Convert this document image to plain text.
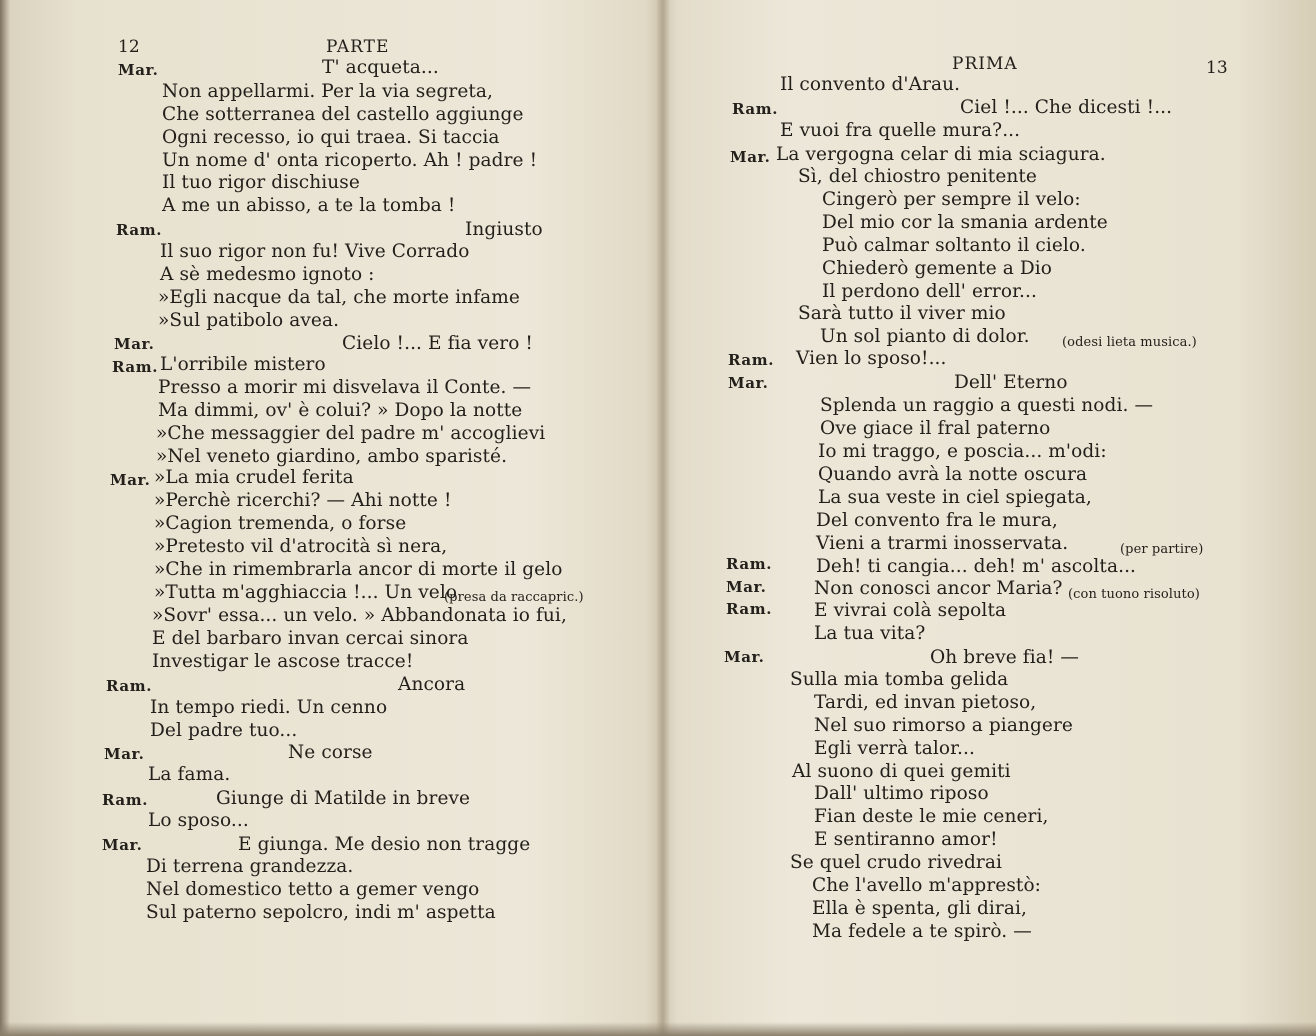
12	PARTE
Mar.	T' acqueta...
Non appellarmi. Per la via segreta,
Che sotterranea del castello aggiunge
Ogni recesso, io qui traea. Si taccia
Un nome d' onta ricoperto. Ah ! padre !
Il tuo rigor dischiuse
A me un abisso, a te la tomba !
Ram.	Ingiusto
Il suo rigor non fu! Vive Corrado
A sè medesmo ignoto :
»Egli nacque da tal, che morte infame
»Sul patibolo avea.
Mar.	Cielo !... E fia vero !
Ram. L'orribile mistero
Presso a morir mi disvelava il Conte. —
Ma dimmi, ov' è colui? » Dopo la notte
»Che messaggier del padre m' accoglievi
»Nel veneto giardino, ambo sparisté.
Mar. »La mia crudel ferita
»Perchè ricerchi? — Ahi notte !
»Cagion tremenda, o forse
»Pretesto vil d'atrocità sì nera,
»Che in rimembrarla ancor di morte il gelo
»Tutta m'agghiaccia !... Un velo
(presa da raccapric.)
»Sovr' essa... un velo. » Abbandonata io fui,
E del barbaro invan cercai sinora
Investigar le ascose tracce!
Ram.	Ancora
In tempo riedi. Un cenno
Del padre tuo...
Mar.	Ne corse
La fama.
Ram.	Giunge di Matilde in breve
Lo sposo...
Mar.	E giunga. Me desio non tragge
Di terrena grandezza.
Nel domestico tetto a gemer vengo
Sul paterno sepolcro, indi m' aspetta
PRIMA	13
Il convento d'Arau.
Ram.	Ciel !... Che dicesti !...
E vuoi fra quelle mura?...
Mar. La vergogna celar di mia sciagura.
Sì, del chiostro penitente
Cingerò per sempre il velo:
Del mio cor la smania ardente
Può calmar soltanto il cielo.
Chiederò gemente a Dio
Il perdono dell' error...
Sarà tutto il viver mio
Un sol pianto di dolor. (odesi lieta musica.)
Ram. Vien lo sposo!...
Mar.	Dell' Eterno
Splenda un raggio a questi nodi. —
Ove giace il fral paterno
Io mi traggo, e poscia... m'odi:
Quando avrà la notte oscura
La sua veste in ciel spiegata,
Del convento fra le mura,
Vieni a trarmi inosservata.	(per partire)
Ram. Deh! ti cangia... deh! m' ascolta...
Mar.	Non conosci ancor Maria? (con tuono risoluto)
Ram. E vivrai colà sepolta
La tua vita?
Mar.	Oh breve fia! —
Sulla mia tomba gelida
Tardi, ed invan pietoso,
Nel suo rimorso a piangere
Egli verrà talor...
Al suono di quei gemiti
Dall' ultimo riposo
Fian deste le mie ceneri,
E sentiranno amor!
Se quel crudo rivedrai
Che l'avello m'apprestò:
Ella è spenta, gli dirai,
Ma fedele a te spirò. —
